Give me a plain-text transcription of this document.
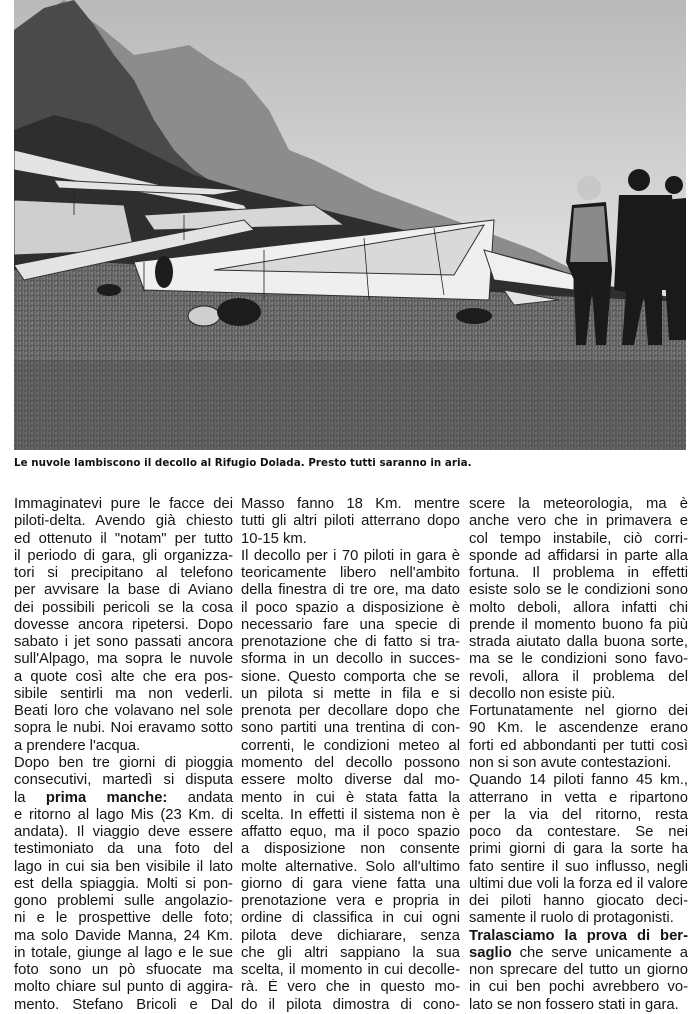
Le nuvole lambiscono il decollo al Rifugio Dolada. Presto tutti saranno in aria.
Immaginatevi pure le facce dei
piloti-delta. Avendo già chiesto
ed ottenuto il "notam" per tutto
il periodo di gara, gli organizza-
tori si precipitano al telefono
per avvisare la base di Aviano
dei possibili pericoli se la cosa
dovesse ancora ripetersi. Dopo
sabato i jet sono passati ancora
sull'Alpago, ma sopra le nuvole
a quote così alte che era pos-
sibile sentirli ma non vederli.
Beati loro che volavano nel sole
sopra le nubi. Noi eravamo sotto
a prendere l'acqua.
Dopo ben tre giorni di pioggia
consecutivi, martedì si disputa
la prima manche: andata
e ritorno al lago Mis (23 Km. di
andata). Il viaggio deve essere
testimoniato da una foto del
lago in cui sia ben visibile il lato
est della spiaggia. Molti si pon-
gono problemi sulle angolazio-
ni e le prospettive delle foto;
ma solo Davide Manna, 24 Km.
in totale, giunge al lago e le sue
foto sono un pò sfuocate ma
molto chiare sul punto di aggira-
mento. Stefano Bricoli e Dal
Masso fanno 18 Km. mentre
tutti gli altri piloti atterrano dopo
10-15 km.
Il decollo per i 70 piloti in gara è
teoricamente libero nell'ambito
della finestra di tre ore, ma dato
il poco spazio a disposizione è
necessario fare una specie di
prenotazione che di fatto si tra-
sforma in un decollo in succes-
sione. Questo comporta che se
un pilota si mette in fila e si
prenota per decollare dopo che
sono partiti una trentina di con-
correnti, le condizioni meteo al
momento del decollo possono
essere molto diverse dal mo-
mento in cui è stata fatta la
scelta. In effetti il sistema non è
affatto equo, ma il poco spazio
a disposizione non consente
molte alternative. Solo all'ultimo
giorno di gara viene fatta una
prenotazione vera e propria in
ordine di classifica in cui ogni
pilota deve dichiarare, senza
che gli altri sappiano la sua
scelta, il momento in cui decolle-
rà. È vero che in questo mo-
do il pilota dimostra di cono-
scere la meteorologia, ma è
anche vero che in primavera e
col tempo instabile, ciò corri-
sponde ad affidarsi in parte alla
fortuna. Il problema in effetti
esiste solo se le condizioni sono
molto deboli, allora infatti chi
prende il momento buono fa più
strada aiutato dalla buona sorte,
ma se le condizioni sono favo-
revoli, allora il problema del
decollo non esiste più.
Fortunatamente nel giorno dei
90 Km. le ascendenze erano
forti ed abbondanti per tutti così
non si son avute contestazioni.
Quando 14 piloti fanno 45 km.,
atterrano in vetta e ripartono
per la via del ritorno, resta
poco da contestare. Se nei
primi giorni di gara la sorte ha
fato sentire il suo influsso, negli
ultimi due voli la forza ed il valore
dei piloti hanno giocato deci-
samente il ruolo di protagonisti.
Tralasciamo la prova di ber-
saglio che serve unicamente a
non sprecare del tutto un giorno
in cui ben pochi avrebbero vo-
lato se non fossero stati in gara.
